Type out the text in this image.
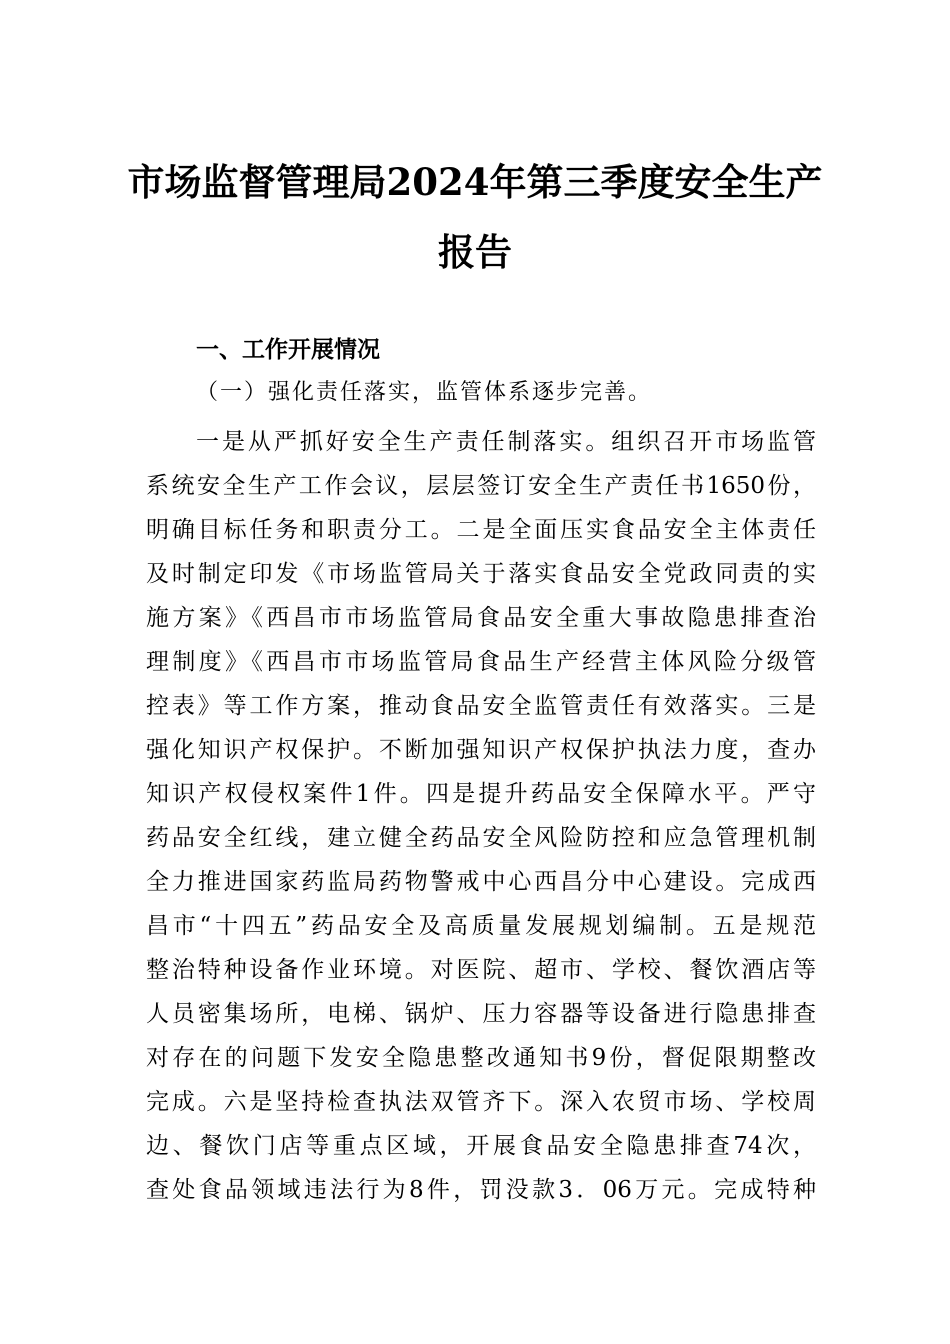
市场监督管理局2024年第三季度安全生产
报告
一、工作开展情况
（一）强化责任落实，监管体系逐步完善。
一是从严抓好安全生产责任制落实。组织召开市场监管
系统安全生产工作会议，层层签订安全生产责任书1650份，
明确目标任务和职责分工。二是全面压实食品安全主体责任
及时制定印发《市场监管局关于落实食品安全党政同责的实
施方案》《西昌市市场监管局食品安全重大事故隐患排查治
理制度》《西昌市市场监管局食品生产经营主体风险分级管
控表》等工作方案，推动食品安全监管责任有效落实。三是
强化知识产权保护。不断加强知识产权保护执法力度，查办
知识产权侵权案件1件。四是提升药品安全保障水平。严守
药品安全红线，建立健全药品安全风险防控和应急管理机制
全力推进国家药监局药物警戒中心西昌分中心建设。完成西
昌市“十四五”药品安全及高质量发展规划编制。五是规范
整治特种设备作业环境。对医院、超市、学校、餐饮酒店等
人员密集场所，电梯、锅炉、压力容器等设备进行隐患排查
对存在的问题下发安全隐患整改通知书9份，督促限期整改
完成。六是坚持检查执法双管齐下。深入农贸市场、学校周
边、餐饮门店等重点区域，开展食品安全隐患排查74次，
查处食品领域违法行为8件，罚没款3．06万元。完成特种
